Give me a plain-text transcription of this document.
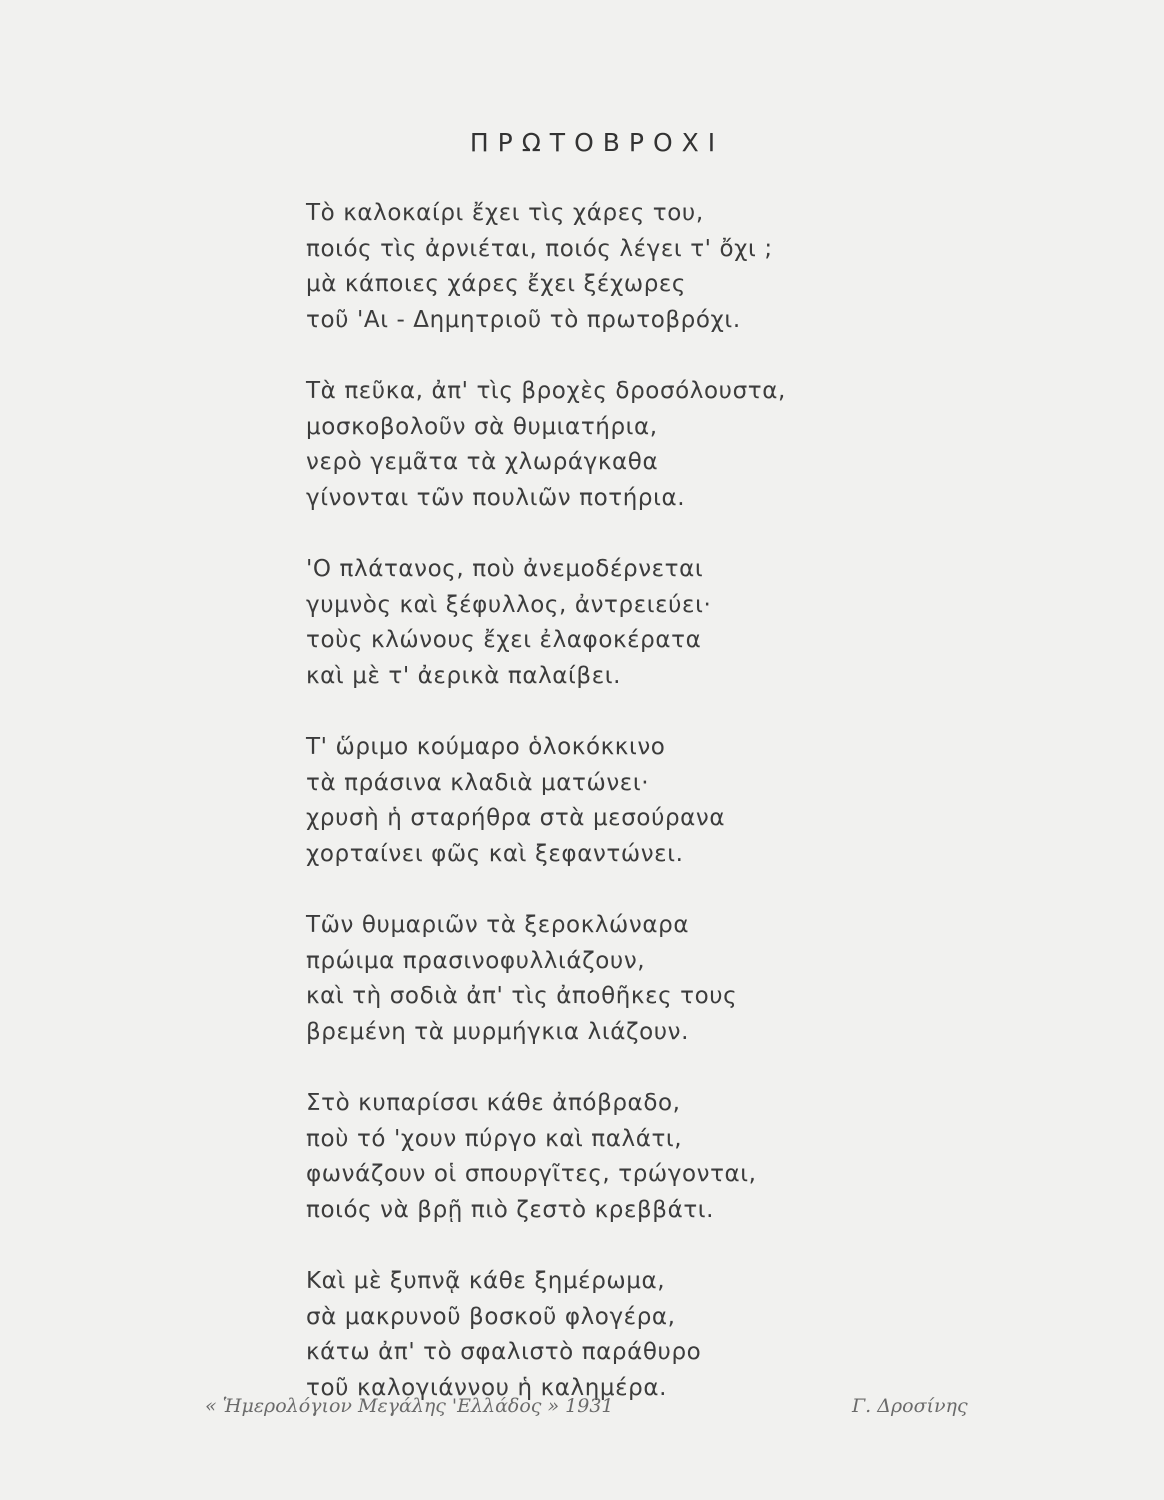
ΠΡΩΤΟΒΡΟΧΙ
Τὸ καλοκαίρι ἔχει τὶς χάρες του,
ποιός τὶς ἀρνιέται, ποιός λέγει τ' ὄχι ;
μὰ κάποιες χάρες ἔχει ξέχωρες
τοῦ 'Αι - Δημητριοῦ τὸ πρωτοβρόχι.
Τὰ πεῦκα, ἀπ' τὶς βροχὲς δροσόλουστα,
μοσκοβολοῦν σὰ θυμιατήρια,
νερὸ γεμᾶτα τὰ χλωράγκαθα
γίνονται τῶν πουλιῶν ποτήρια.
'Ο πλάτανος, ποὺ ἀνεμοδέρνεται
γυμνὸς καὶ ξέφυλλος, ἀντρειεύει·
τοὺς κλώνους ἔχει ἐλαφοκέρατα
καὶ μὲ τ' ἀερικὰ παλαίβει.
Τ' ὥριμο κούμαρο ὁλοκόκκινο
τὰ πράσινα κλαδιὰ ματώνει·
χρυσὴ ἡ σταρήθρα στὰ μεσούρανα
χορταίνει φῶς καὶ ξεφαντώνει.
Τῶν θυμαριῶν τὰ ξεροκλώναρα
πρώιμα πρασινοφυλλιάζουν,
καὶ τὴ σοδιὰ ἀπ' τὶς ἀποθῆκες τους
βρεμένη τὰ μυρμήγκια λιάζουν.
Στὸ κυπαρίσσι κάθε ἀπόβραδο,
ποὺ τό 'χουν πύργο καὶ παλάτι,
φωνάζουν οἱ σπουργῖτες, τρώγονται,
ποιός νὰ βρῇ πιὸ ζεστὸ κρεββάτι.
Καὶ μὲ ξυπνᾷ κάθε ξημέρωμα,
σὰ μακρυνοῦ βοσκοῦ φλογέρα,
κάτω ἀπ' τὸ σφαλιστὸ παράθυρο
τοῦ καλογιάννου ἡ καλημέρα.
« Ἡμερολόγιον Μεγάλης 'Ελλάδος » 1931	Γ. Δροσίνης
